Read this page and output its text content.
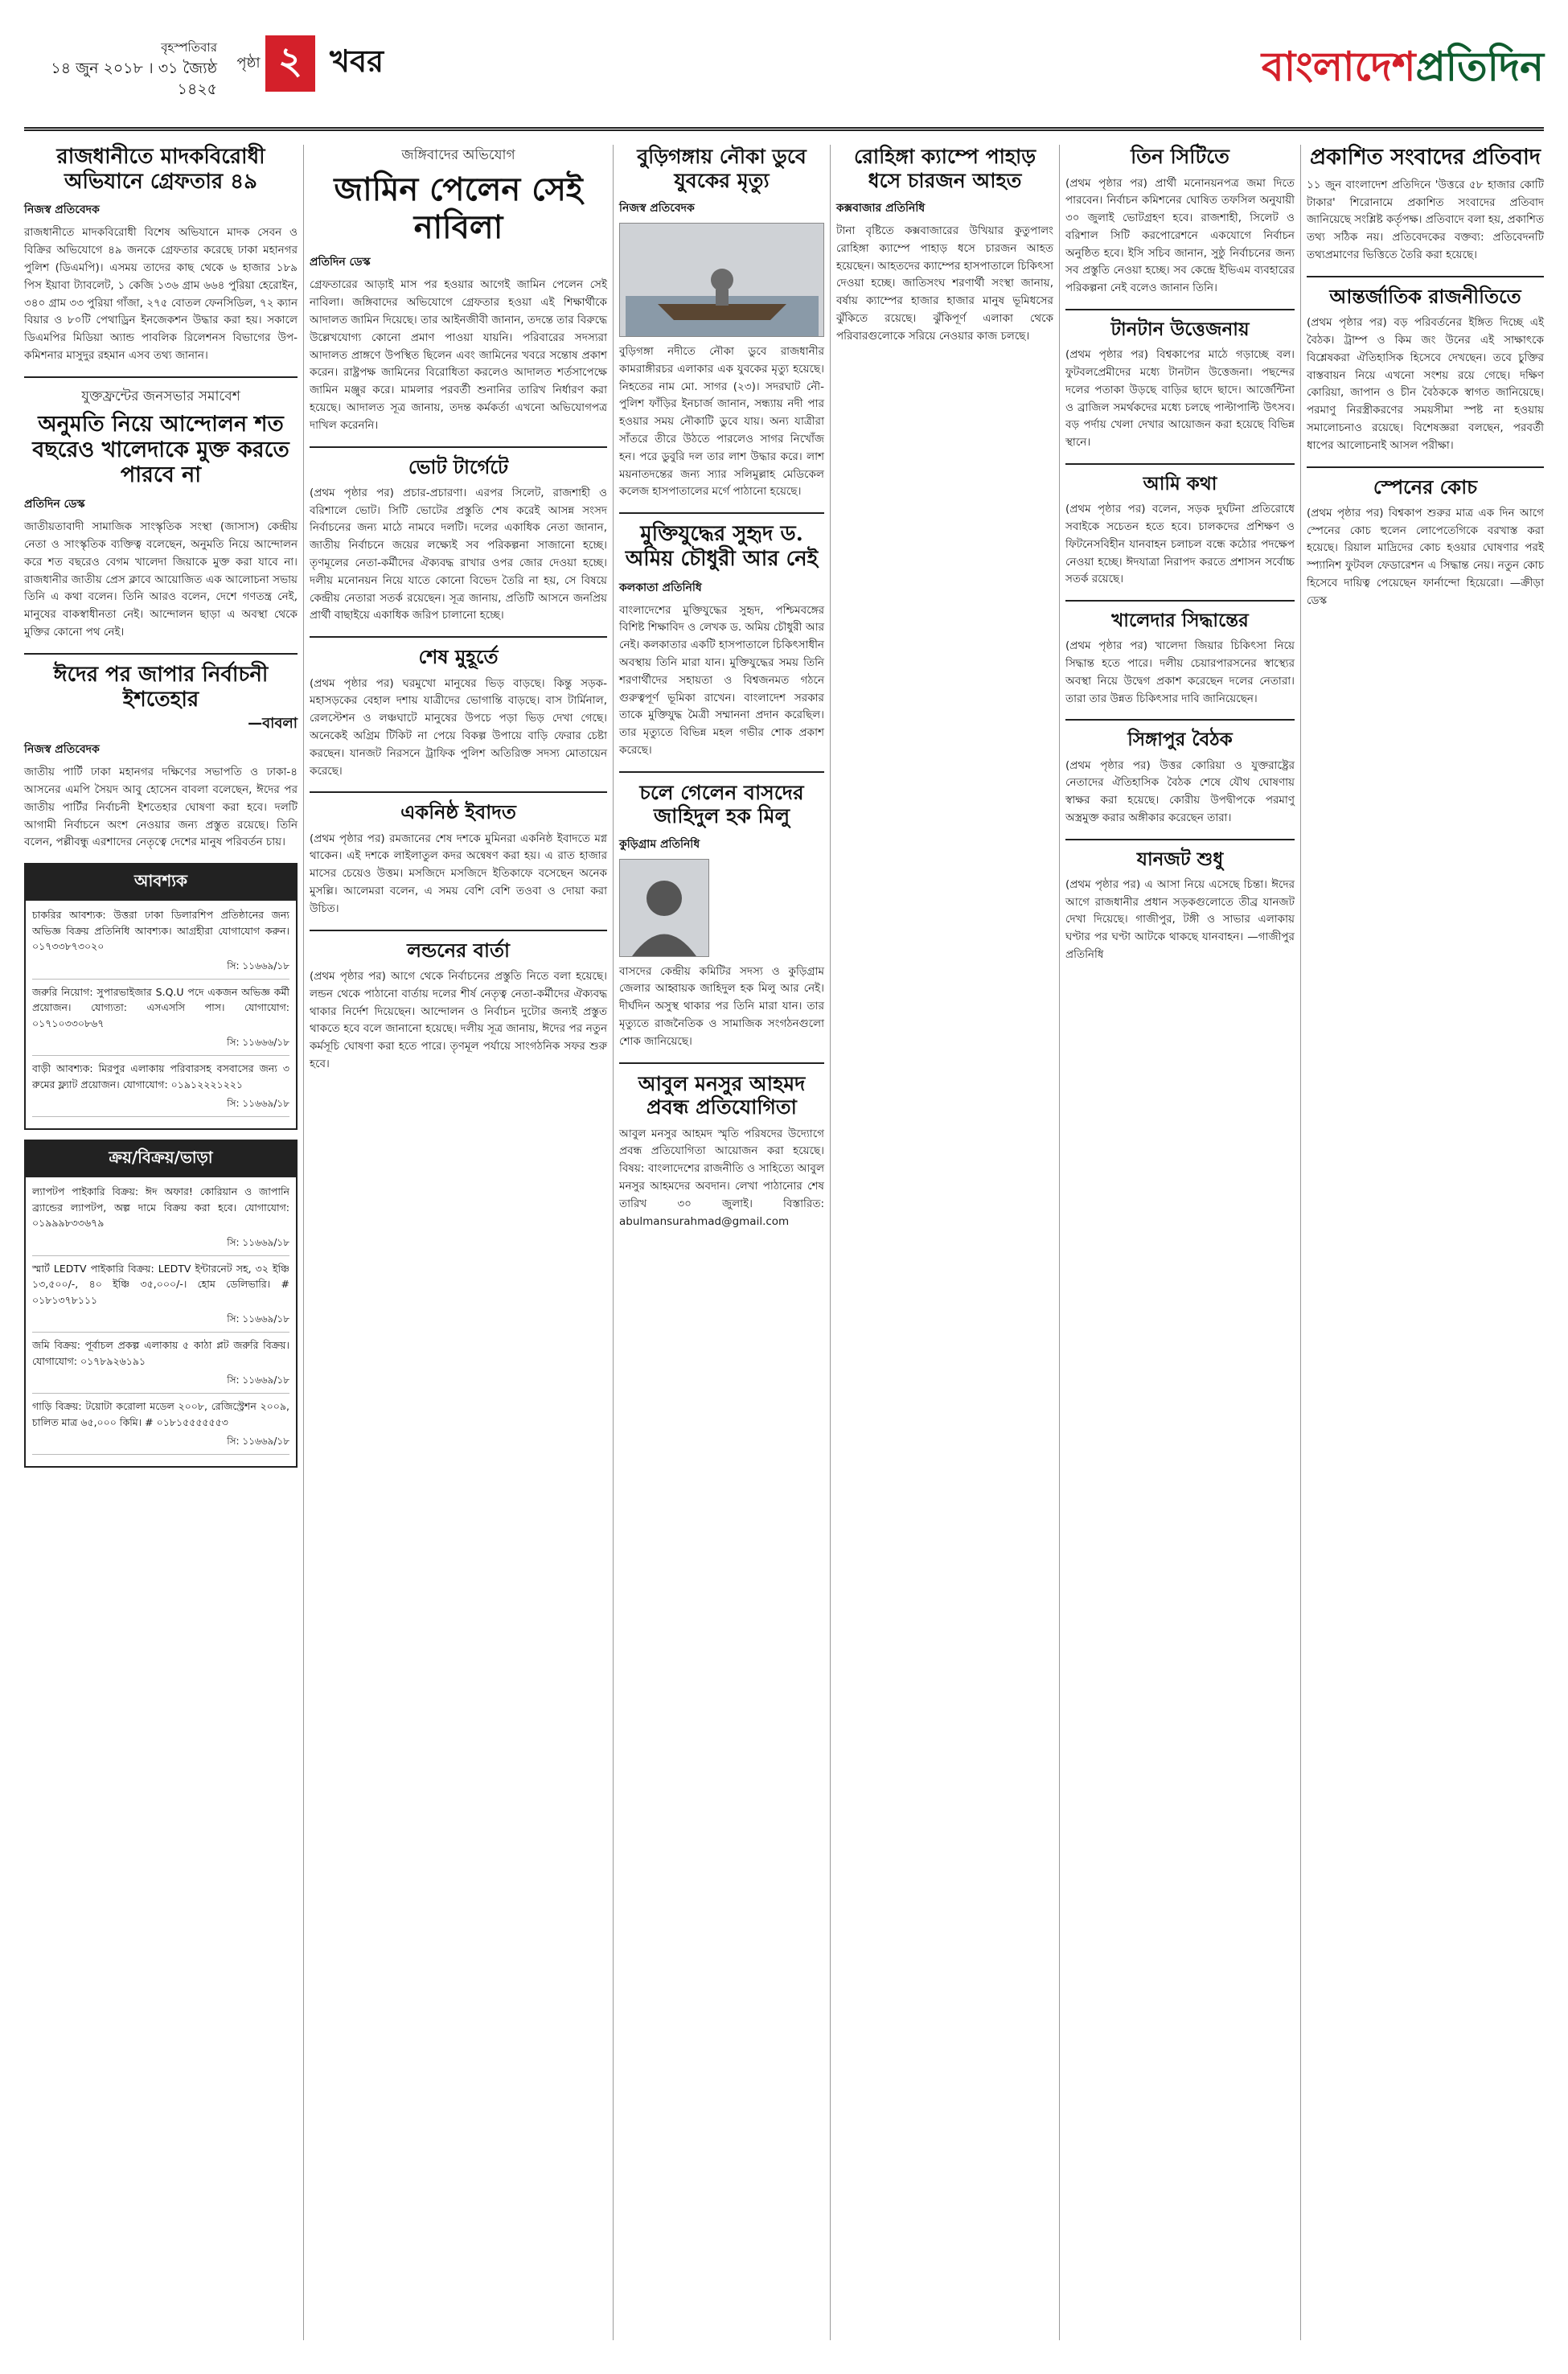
বৃহস্পতিবার
১৪ জুন ২০১৮ । ৩১ জ্যৈষ্ঠ ১৪২৫
পৃষ্ঠা ২ খবর	বাংলাদেশপ্রতিদিন
রাজধানীতে মাদকবিরোধী অভিযানে গ্রেফতার ৪৯
নিজস্ব প্রতিবেদক

রাজধানীতে মাদকবিরোধী বিশেষ অভিযানে মাদক সেবন ও বিক্রির অভিযোগে ৪৯ জনকে গ্রেফতার করেছে ঢাকা মহানগর পুলিশ (ডিএমপি)। এসময় তাদের কাছ থেকে ৬ হাজার ১৮৯ পিস ইয়াবা ট্যাবলেট, ১ কেজি ১৩৬ গ্রাম ৬৬৪ পুরিয়া হেরোইন, ৩৪০ গ্রাম ৩৩ পুরিয়া গাঁজা, ২৭৫ বোতল ফেনসিডিল, ৭২ ক্যান বিয়ার ও ৮০টি পেথাড্রিন ইনজেকশন উদ্ধার করা হয়। সকালে ডিএমপির মিডিয়া অ্যান্ড পাবলিক রিলেশনস বিভাগের উপ-কমিশনার মাসুদুর রহমান এসব তথ্য জানান।

যুক্তফ্রন্টের জনসভার সমাবেশ
অনুমতি নিয়ে আন্দোলন শত বছরেও খালেদাকে মুক্ত করতে পারবে না
প্রতিদিন ডেস্ক

জাতীয়তাবাদী সামাজিক সাংস্কৃতিক সংস্থা (জাসাস) কেন্দ্রীয় নেতা ও সাংস্কৃতিক ব্যক্তিত্ব বলেছেন, অনুমতি নিয়ে আন্দোলন করে শত বছরেও বেগম খালেদা জিয়াকে মুক্ত করা যাবে না। রাজধানীর জাতীয় প্রেস ক্লাবে আয়োজিত এক আলোচনা সভায় তিনি এ কথা বলেন। তিনি আরও বলেন, দেশে গণতন্ত্র নেই, মানুষের বাকস্বাধীনতা নেই। আন্দোলন ছাড়া এ অবস্থা থেকে মুক্তির কোনো পথ নেই।

ঈদের পর জাপার নির্বাচনী ইশতেহার
—বাবলা
নিজস্ব প্রতিবেদক

জাতীয় পার্টি ঢাকা মহানগর দক্ষিণের সভাপতি ও ঢাকা-৪ আসনের এমপি সৈয়দ আবু হোসেন বাবলা বলেছেন, ঈদের পর জাতীয় পার্টির নির্বাচনী ইশতেহার ঘোষণা করা হবে। দলটি আগামী নির্বাচনে অংশ নেওয়ার জন্য প্রস্তুত রয়েছে। তিনি বলেন, পল্লীবন্ধু এরশাদের নেতৃত্বে দেশের মানুষ পরিবর্তন চায়।

আবশ্যক

চাকরির আবশ্যক: উত্তরা ঢাকা ডিলারশিপ প্রতিষ্ঠানের জন্য অভিজ্ঞ বিক্রয় প্রতিনিধি আবশ্যক। আগ্রহীরা যোগাযোগ করুন। ০১৭৩৩৮৭৩০২০

সি: ১১৬৬৯/১৮

জরুরি নিয়োগ: সুপারভাইজার S.Q.U পদে একজন অভিজ্ঞ কর্মী প্রয়োজন। যোগ্যতা: এসএসসি পাস। যোগাযোগ: ০১৭১০৩৩০৮৬৭

সি: ১১৬৬৬/১৮

বাড়ী আবশ্যক: মিরপুর এলাকায় পরিবারসহ বসবাসের জন্য ৩ রুমের ফ্ল্যাট প্রয়োজন। যোগাযোগ: ০১৯১২২২১২২১

সি: ১১৬৬৯/১৮

ক্রয়/বিক্রয়/ভাড়া

ল্যাপটপ পাইকারি বিক্রয়: ঈদ অফার! কোরিয়ান ও জাপানি ব্র্যান্ডের ল্যাপটপ, অল্প দামে বিক্রয় করা হবে। যোগাযোগ: ০১৯৯৯৮৩৩৬৭৯

সি: ১১৬৬৯/১৮

স্মার্ট LEDTV পাইকারি বিক্রয়: LEDTV ইন্টারনেট সহ, ৩২ ইঞ্চি ১৩,৫০০/-, ৪০ ইঞ্চি ৩৫,০০০/-। হোম ডেলিভারি। # ০১৮১৩৭৮১১১

সি: ১১৬৬৯/১৮

জমি বিক্রয়: পূর্বাচল প্রকল্প এলাকায় ৫ কাঠা প্লট জরুরি বিক্রয়। যোগাযোগ: ০১৭৮৯২৬১৯১

সি: ১১৬৬৯/১৮

গাড়ি বিক্রয়: টয়োটা করোলা মডেল ২০০৮, রেজিস্ট্রেশন ২০০৯, চালিত মাত্র ৬৫,০০০ কিমি। # ০১৮১৫৫৫৫৫৫৩

সি: ১১৬৬৯/১৮

জঙ্গিবাদের অভিযোগ
জামিন পেলেন সেই নাবিলা
প্রতিদিন ডেস্ক

গ্রেফতারের আড়াই মাস পর হওয়ার আগেই জামিন পেলেন সেই নাবিলা। জঙ্গিবাদের অভিযোগে গ্রেফতার হওয়া এই শিক্ষার্থীকে আদালত জামিন দিয়েছে। তার আইনজীবী জানান, তদন্তে তার বিরুদ্ধে উল্লেখযোগ্য কোনো প্রমাণ পাওয়া যায়নি। পরিবারের সদস্যরা আদালত প্রাঙ্গণে উপস্থিত ছিলেন এবং জামিনের খবরে সন্তোষ প্রকাশ করেন। রাষ্ট্রপক্ষ জামিনের বিরোধিতা করলেও আদালত শর্তসাপেক্ষে জামিন মঞ্জুর করে। মামলার পরবর্তী শুনানির তারিখ নির্ধারণ করা হয়েছে। আদালত সূত্র জানায়, তদন্ত কর্মকর্তা এখনো অভিযোগপত্র দাখিল করেননি।

ভোট টার্গেটে

(প্রথম পৃষ্ঠার পর) প্রচার-প্রচারণা। এরপর সিলেট, রাজশাহী ও বরিশালে ভোট। সিটি ভোটের প্রস্তুতি শেষ করেই আসন্ন সংসদ নির্বাচনের জন্য মাঠে নামবে দলটি। দলের একাধিক নেতা জানান, জাতীয় নির্বাচনে জয়ের লক্ষ্যেই সব পরিকল্পনা সাজানো হচ্ছে। তৃণমূলের নেতা-কর্মীদের ঐক্যবদ্ধ রাখার ওপর জোর দেওয়া হচ্ছে। দলীয় মনোনয়ন নিয়ে যাতে কোনো বিভেদ তৈরি না হয়, সে বিষয়ে কেন্দ্রীয় নেতারা সতর্ক রয়েছেন। সূত্র জানায়, প্রতিটি আসনে জনপ্রিয় প্রার্থী বাছাইয়ে একাধিক জরিপ চালানো হচ্ছে।

শেষ মুহূর্তে

(প্রথম পৃষ্ঠার পর) ঘরমুখো মানুষের ভিড় বাড়ছে। কিন্তু সড়ক-মহাসড়কের বেহাল দশায় যাত্রীদের ভোগান্তি বাড়ছে। বাস টার্মিনাল, রেলস্টেশন ও লঞ্চঘাটে মানুষের উপচে পড়া ভিড় দেখা গেছে। অনেকেই অগ্রিম টিকিট না পেয়ে বিকল্প উপায়ে বাড়ি ফেরার চেষ্টা করছেন। যানজট নিরসনে ট্রাফিক পুলিশ অতিরিক্ত সদস্য মোতায়েন করেছে।

একনিষ্ঠ ইবাদত

(প্রথম পৃষ্ঠার পর) রমজানের শেষ দশকে মুমিনরা একনিষ্ঠ ইবাদতে মগ্ন থাকেন। এই দশকে লাইলাতুল কদর অন্বেষণ করা হয়। এ রাত হাজার মাসের চেয়েও উত্তম। মসজিদে মসজিদে ইতিকাফে বসেছেন অনেক মুসল্লি। আলেমরা বলেন, এ সময় বেশি বেশি তওবা ও দোয়া করা উচিত।

লন্ডনের বার্তা

(প্রথম পৃষ্ঠার পর) আগে থেকে নির্বাচনের প্রস্তুতি নিতে বলা হয়েছে। লন্ডন থেকে পাঠানো বার্তায় দলের শীর্ষ নেতৃত্ব নেতা-কর্মীদের ঐক্যবদ্ধ থাকার নির্দেশ দিয়েছেন। আন্দোলন ও নির্বাচন দুটোর জন্যই প্রস্তুত থাকতে হবে বলে জানানো হয়েছে। দলীয় সূত্র জানায়, ঈদের পর নতুন কর্মসূচি ঘোষণা করা হতে পারে। তৃণমূল পর্যায়ে সাংগঠনিক সফর শুরু হবে।

বুড়িগঙ্গায় নৌকা ডুবে যুবকের মৃত্যু
নিজস্ব প্রতিবেদক

বুড়িগঙ্গা নদীতে নৌকা ডুবে রাজধানীর কামরাঙ্গীরচর এলাকার এক যুবকের মৃত্যু হয়েছে। নিহতের নাম মো. সাগর (২৩)। সদরঘাট নৌ-পুলিশ ফাঁড়ির ইনচার্জ জানান, সন্ধ্যায় নদী পার হওয়ার সময় নৌকাটি ডুবে যায়। অন্য যাত্রীরা সাঁতরে তীরে উঠতে পারলেও সাগর নিখোঁজ হন। পরে ডুবুরি দল তার লাশ উদ্ধার করে। লাশ ময়নাতদন্তের জন্য স্যার সলিমুল্লাহ মেডিকেল কলেজ হাসপাতালের মর্গে পাঠানো হয়েছে।

মুক্তিযুদ্ধের সুহৃদ ড. অমিয় চৌধুরী আর নেই
কলকাতা প্রতিনিধি

বাংলাদেশের মুক্তিযুদ্ধের সুহৃদ, পশ্চিমবঙ্গের বিশিষ্ট শিক্ষাবিদ ও লেখক ড. অমিয় চৌধুরী আর নেই। কলকাতার একটি হাসপাতালে চিকিৎসাধীন অবস্থায় তিনি মারা যান। মুক্তিযুদ্ধের সময় তিনি শরণার্থীদের সহায়তা ও বিশ্বজনমত গঠনে গুরুত্বপূর্ণ ভূমিকা রাখেন। বাংলাদেশ সরকার তাকে মুক্তিযুদ্ধ মৈত্রী সম্মাননা প্রদান করেছিল। তার মৃত্যুতে বিভিন্ন মহল গভীর শোক প্রকাশ করেছে।

চলে গেলেন বাসদের জাহিদুল হক মিলু
কুড়িগ্রাম প্রতিনিধি

বাসদের কেন্দ্রীয় কমিটির সদস্য ও কুড়িগ্রাম জেলার আহ্বায়ক জাহিদুল হক মিলু আর নেই। দীর্ঘদিন অসুস্থ থাকার পর তিনি মারা যান। তার মৃত্যুতে রাজনৈতিক ও সামাজিক সংগঠনগুলো শোক জানিয়েছে।

আবুল মনসুর আহমদ প্রবন্ধ প্রতিযোগিতা

আবুল মনসুর আহমদ স্মৃতি পরিষদের উদ্যোগে প্রবন্ধ প্রতিযোগিতা আয়োজন করা হয়েছে। বিষয়: বাংলাদেশের রাজনীতি ও সাহিত্যে আবুল মনসুর আহমদের অবদান। লেখা পাঠানোর শেষ তারিখ ৩০ জুলাই। বিস্তারিত: abulmansurahmad@gmail.com

রোহিঙ্গা ক্যাম্পে পাহাড় ধসে চারজন আহত
কক্সবাজার প্রতিনিধি

টানা বৃষ্টিতে কক্সবাজারের উখিয়ার কুতুপালং রোহিঙ্গা ক্যাম্পে পাহাড় ধসে চারজন আহত হয়েছেন। আহতদের ক্যাম্পের হাসপাতালে চিকিৎসা দেওয়া হচ্ছে। জাতিসংঘ শরণার্থী সংস্থা জানায়, বর্ষায় ক্যাম্পের হাজার হাজার মানুষ ভূমিধসের ঝুঁকিতে রয়েছে। ঝুঁকিপূর্ণ এলাকা থেকে পরিবারগুলোকে সরিয়ে নেওয়ার কাজ চলছে।

তিন সিটিতে

(প্রথম পৃষ্ঠার পর) প্রার্থী মনোনয়নপত্র জমা দিতে পারবেন। নির্বাচন কমিশনের ঘোষিত তফসিল অনুযায়ী ৩০ জুলাই ভোটগ্রহণ হবে। রাজশাহী, সিলেট ও বরিশাল সিটি করপোরেশনে একযোগে নির্বাচন অনুষ্ঠিত হবে। ইসি সচিব জানান, সুষ্ঠু নির্বাচনের জন্য সব প্রস্তুতি নেওয়া হচ্ছে। সব কেন্দ্রে ইভিএম ব্যবহারের পরিকল্পনা নেই বলেও জানান তিনি।

টানটান উত্তেজনায়

(প্রথম পৃষ্ঠার পর) বিশ্বকাপের মাঠে গড়াচ্ছে বল। ফুটবলপ্রেমীদের মধ্যে টানটান উত্তেজনা। পছন্দের দলের পতাকা উড়ছে বাড়ির ছাদে ছাদে। আর্জেন্টিনা ও ব্রাজিল সমর্থকদের মধ্যে চলছে পাল্টাপাল্টি উৎসব। বড় পর্দায় খেলা দেখার আয়োজন করা হয়েছে বিভিন্ন স্থানে।

আমি কথা

(প্রথম পৃষ্ঠার পর) বলেন, সড়ক দুর্ঘটনা প্রতিরোধে সবাইকে সচেতন হতে হবে। চালকদের প্রশিক্ষণ ও ফিটনেসবিহীন যানবাহন চলাচল বন্ধে কঠোর পদক্ষেপ নেওয়া হচ্ছে। ঈদযাত্রা নিরাপদ করতে প্রশাসন সর্বোচ্চ সতর্ক রয়েছে।

খালেদার সিদ্ধান্তের

(প্রথম পৃষ্ঠার পর) খালেদা জিয়ার চিকিৎসা নিয়ে সিদ্ধান্ত হতে পারে। দলীয় চেয়ারপারসনের স্বাস্থ্যের অবস্থা নিয়ে উদ্বেগ প্রকাশ করেছেন দলের নেতারা। তারা তার উন্নত চিকিৎসার দাবি জানিয়েছেন।

সিঙ্গাপুর বৈঠক

(প্রথম পৃষ্ঠার পর) উত্তর কোরিয়া ও যুক্তরাষ্ট্রের নেতাদের ঐতিহাসিক বৈঠক শেষে যৌথ ঘোষণায় স্বাক্ষর করা হয়েছে। কোরীয় উপদ্বীপকে পরমাণু অস্ত্রমুক্ত করার অঙ্গীকার করেছেন তারা।

যানজট শুধু

(প্রথম পৃষ্ঠার পর) এ আসা নিয়ে এসেছে চিন্তা। ঈদের আগে রাজধানীর প্রধান সড়কগুলোতে তীব্র যানজট দেখা দিয়েছে। গাজীপুর, টঙ্গী ও সাভার এলাকায় ঘণ্টার পর ঘণ্টা আটকে থাকছে যানবাহন। —গাজীপুর প্রতিনিধি

প্রকাশিত সংবাদের প্রতিবাদ

১১ জুন বাংলাদেশ প্রতিদিনে 'উত্তরে ৫৮ হাজার কোটি টাকার' শিরোনামে প্রকাশিত সংবাদের প্রতিবাদ জানিয়েছে সংশ্লিষ্ট কর্তৃপক্ষ। প্রতিবাদে বলা হয়, প্রকাশিত তথ্য সঠিক নয়। প্রতিবেদকের বক্তব্য: প্রতিবেদনটি তথ্যপ্রমাণের ভিত্তিতে তৈরি করা হয়েছে।

আন্তর্জাতিক রাজনীতিতে

(প্রথম পৃষ্ঠার পর) বড় পরিবর্তনের ইঙ্গিত দিচ্ছে এই বৈঠক। ট্রাম্প ও কিম জং উনের এই সাক্ষাৎকে বিশ্লেষকরা ঐতিহাসিক হিসেবে দেখছেন। তবে চুক্তির বাস্তবায়ন নিয়ে এখনো সংশয় রয়ে গেছে। দক্ষিণ কোরিয়া, জাপান ও চীন বৈঠককে স্বাগত জানিয়েছে। পরমাণু নিরস্ত্রীকরণের সময়সীমা স্পষ্ট না হওয়ায় সমালোচনাও রয়েছে। বিশেষজ্ঞরা বলছেন, পরবর্তী ধাপের আলোচনাই আসল পরীক্ষা।

স্পেনের কোচ

(প্রথম পৃষ্ঠার পর) বিশ্বকাপ শুরুর মাত্র এক দিন আগে স্পেনের কোচ হুলেন লোপেতেগিকে বরখাস্ত করা হয়েছে। রিয়াল মাদ্রিদের কোচ হওয়ার ঘোষণার পরই স্প্যানিশ ফুটবল ফেডারেশন এ সিদ্ধান্ত নেয়। নতুন কোচ হিসেবে দায়িত্ব পেয়েছেন ফার্নান্দো হিয়েরো। —ক্রীড়া ডেস্ক
